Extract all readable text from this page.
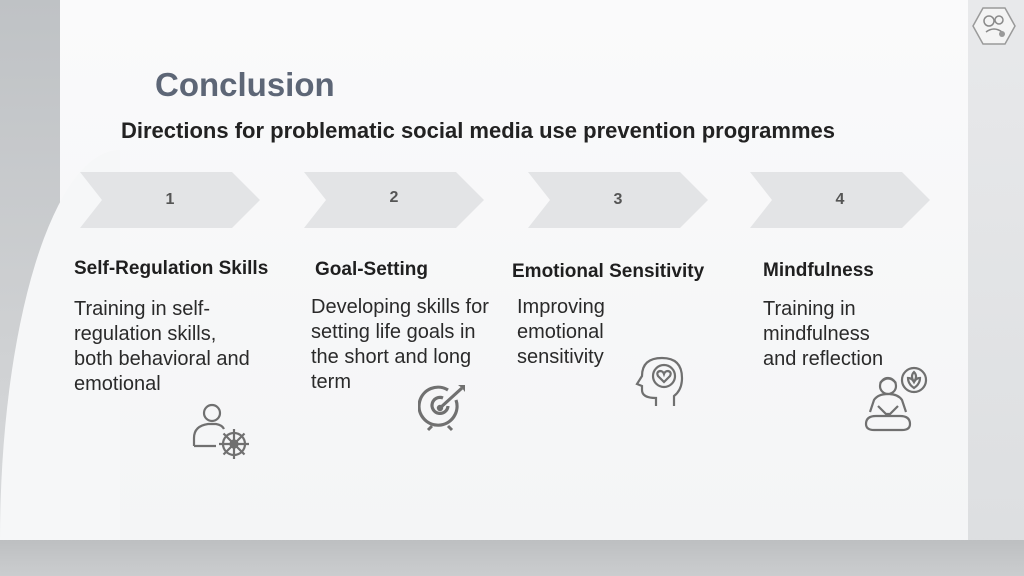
Conclusion
Directions for problematic social media use prevention programmes
1	2	3	4
Self-Regulation Skills Goal-Setting	Emotional Sensitivity	Mindfulness

Training in self-regulation skills, both behavioral and emotional

Developing skills for setting life goals in the short and long term

Improving emotional sensitivity

Training in mindfulness and reflection
